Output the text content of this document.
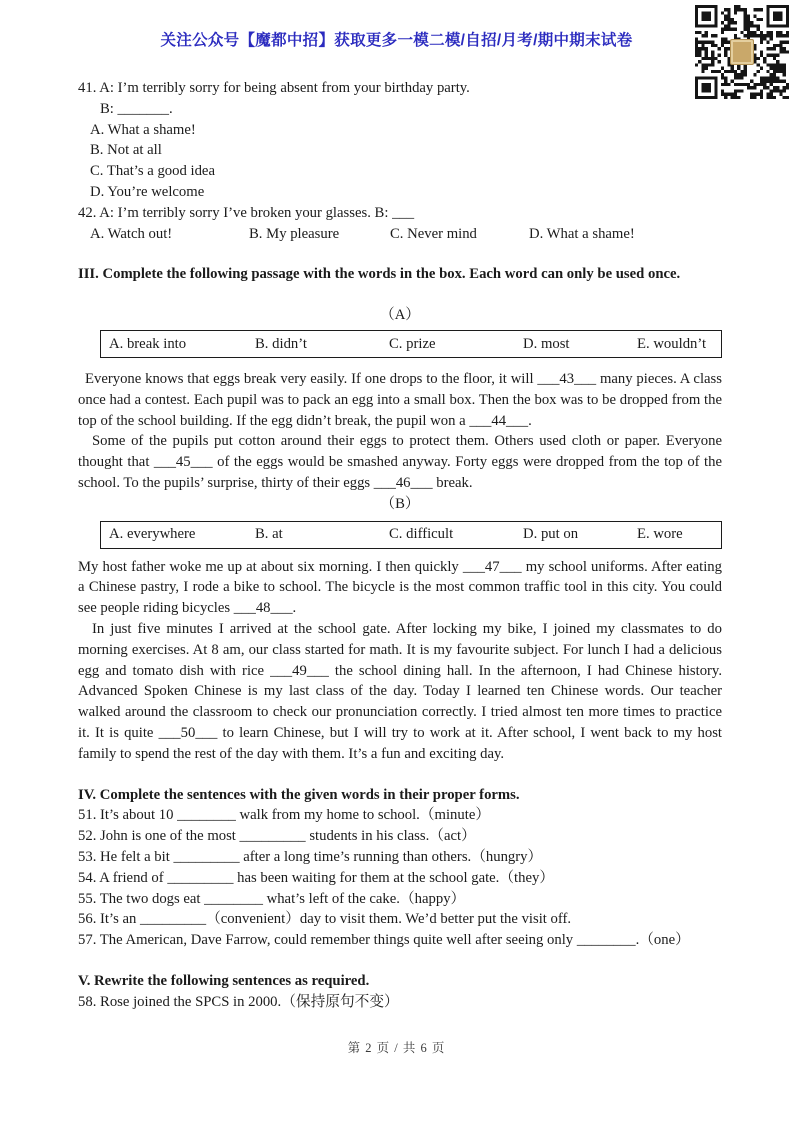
关注公众号【魔都中招】获取更多一模二模/自招/月考/期中期末试卷
41. A: I’m terribly sorry for being absent from your birthday party.
B: _______.
A. What a shame!
B. Not at all
C. That’s a good idea
D. You’re welcome
42. A: I’m terribly sorry I’ve broken your glasses. B: ___
A. Watch out!	B. My pleasure	C. Never mind	D. What a shame!
III. Complete the following passage with the words in the box. Each word can only be used once.
（A）
A. break into	B. didn’t	C. prize	D. most	E. wouldn’t

Everyone knows that eggs break very easily. If one drops to the floor, it will ___43___ many pieces. A class once had a contest. Each pupil was to pack an egg into a small box. Then the box was to be dropped from the top of the school building. If the egg didn’t break, the pupil won a ___44___.

Some of the pupils put cotton around their eggs to protect them. Others used cloth or paper. Everyone thought that ___45___ of the eggs would be smashed anyway. Forty eggs were dropped from the top of the school. To the pupils’ surprise, thirty of their eggs ___46___ break.

（B）
A. everywhere	B. at	C. difficult	D. put on	E. wore

My host father woke me up at about six morning. I then quickly ___47___ my school uniforms. After eating a Chinese pastry, I rode a bike to school. The bicycle is the most common traffic tool in this city. You could see people riding bicycles ___48___.

In just five minutes I arrived at the school gate. After locking my bike, I joined my classmates to do morning exercises. At 8 am, our class started for math. It is my favourite subject. For lunch I had a delicious egg and tomato dish with rice ___49___ the school dining hall. In the afternoon, I had Chinese history. Advanced Spoken Chinese is my last class of the day. Today I learned ten Chinese words. Our teacher walked around the classroom to check our pronunciation correctly. I tried almost ten more times to practice it. It is quite ___50___ to learn Chinese, but I will try to work at it. After school, I went back to my host family to spend the rest of the day with them. It’s a fun and exciting day.

IV. Complete the sentences with the given words in their proper forms.
51. It’s about 10 ________ walk from my home to school.（minute）
52. John is one of the most _________ students in his class.（act）
53. He felt a bit _________ after a long time’s running than others.（hungry）
54. A friend of _________ has been waiting for them at the school gate.（they）
55. The two dogs eat ________ what’s left of the cake.（happy）
56. It’s an _________（convenient）day to visit them. We’d better put the visit off.
57. The American, Dave Farrow, could remember things quite well after seeing only ________.（one）
V. Rewrite the following sentences as required.
58. Rose joined the SPCS in 2000.（保持原句不变）
第 2 页 / 共 6 页
